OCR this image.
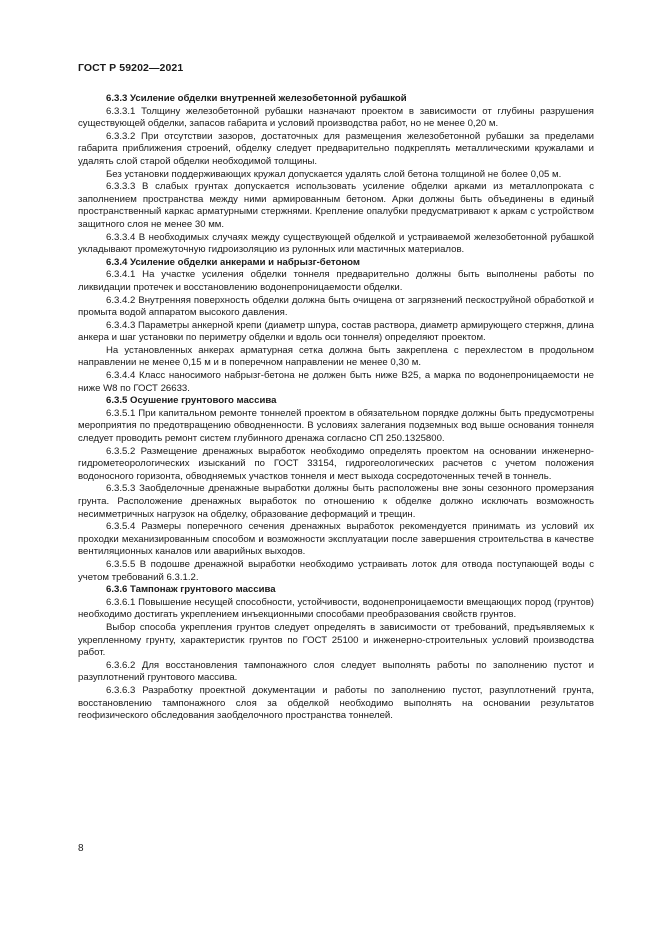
ГОСТ Р 59202—2021

6.3.3 Усиление обделки внутренней железобетонной рубашкой

6.3.3.1 Толщину железобетонной рубашки назначают проектом в зависимости от глубины разрушения существующей обделки, запасов габарита и условий производства работ, но не менее 0,20 м.

6.3.3.2 При отсутствии зазоров, достаточных для размещения железобетонной рубашки за пределами габарита приближения строений, обделку следует предварительно подкреплять металлическими кружалами и удалять слой старой обделки необходимой толщины.

Без установки поддерживающих кружал допускается удалять слой бетона толщиной не более 0,05 м.

6.3.3.3 В слабых грунтах допускается использовать усиление обделки арками из металлопроката с заполнением пространства между ними армированным бетоном. Арки должны быть объединены в единый пространственный каркас арматурными стержнями. Крепление опалубки предусматривают к аркам с устройством защитного слоя не менее 30 мм.

6.3.3.4 В необходимых случаях между существующей обделкой и устраиваемой железобетонной рубашкой укладывают промежуточную гидроизоляцию из рулонных или мастичных материалов.

6.3.4 Усиление обделки анкерами и набрызг-бетоном

6.3.4.1 На участке усиления обделки тоннеля предварительно должны быть выполнены работы по ликвидации протечек и восстановлению водонепроницаемости обделки.

6.3.4.2 Внутренняя поверхность обделки должна быть очищена от загрязнений пескоструйной обработкой и промыта водой аппаратом высокого давления.

6.3.4.3 Параметры анкерной крепи (диаметр шпура, состав раствора, диаметр армирующего стержня, длина анкера и шаг установки по периметру обделки и вдоль оси тоннеля) определяют проектом.

На установленных анкерах арматурная сетка должна быть закреплена с перехлестом в продольном направлении не менее 0,15 м и в поперечном направлении не менее 0,30 м.

6.3.4.4 Класс наносимого набрызг-бетона не должен быть ниже В25, а марка по водонепроницаемости не ниже W8 по ГОСТ 26633.

6.3.5 Осушение грунтового массива

6.3.5.1 При капитальном ремонте тоннелей проектом в обязательном порядке должны быть предусмотрены мероприятия по предотвращению обводненности. В условиях залегания подземных вод выше основания тоннеля следует проводить ремонт систем глубинного дренажа согласно СП 250.1325800.

6.3.5.2 Размещение дренажных выработок необходимо определять проектом на основании инженерно-гидрометеорологических изысканий по ГОСТ 33154, гидрогеологических расчетов с учетом положения водоносного горизонта, обводняемых участков тоннеля и мест выхода сосредоточенных течей в тоннель.

6.3.5.3 Заобделочные дренажные выработки должны быть расположены вне зоны сезонного промерзания грунта. Расположение дренажных выработок по отношению к обделке должно исключать возможность несимметричных нагрузок на обделку, образование деформаций и трещин.

6.3.5.4 Размеры поперечного сечения дренажных выработок рекомендуется принимать из условий их проходки механизированным способом и возможности эксплуатации после завершения строительства в качестве вентиляционных каналов или аварийных выходов.

6.3.5.5 В подошве дренажной выработки необходимо устраивать лоток для отвода поступающей воды с учетом требований 6.3.1.2.

6.3.6 Тампонаж грунтового массива

6.3.6.1 Повышение несущей способности, устойчивости, водонепроницаемости вмещающих пород (грунтов) необходимо достигать укреплением инъекционными способами преобразования свойств грунтов.

Выбор способа укрепления грунтов следует определять в зависимости от требований, предъявляемых к укрепленному грунту, характеристик грунтов по ГОСТ 25100 и инженерно-строительных условий производства работ.

6.3.6.2 Для восстановления тампонажного слоя следует выполнять работы по заполнению пустот и разуплотнений грунтового массива.

6.3.6.3 Разработку проектной документации и работы по заполнению пустот, разуплотнений грунта, восстановлению тампонажного слоя за обделкой необходимо выполнять на основании результатов геофизического обследования заобделочного пространства тоннелей.

8
